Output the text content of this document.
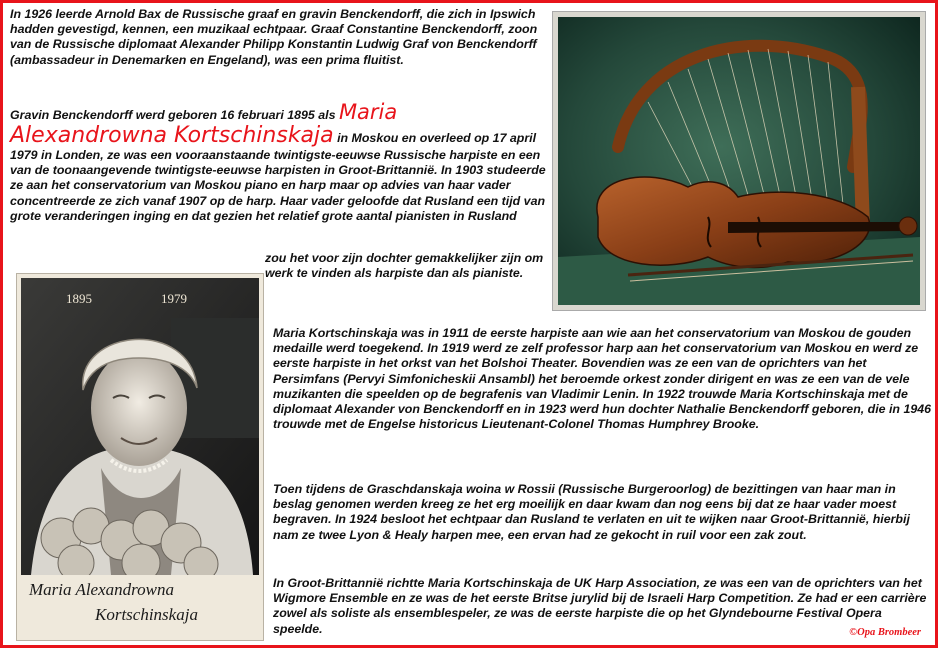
In 1926 leerde Arnold Bax de Russische graaf en gravin Benckendorff, die zich in Ipswich hadden gevestigd, kennen, een muzikaal echtpaar. Graaf Constantine Benckendorff, zoon van de Russische diplomaat Alexander Philipp Konstantin Ludwig Graf von Benckendorff (ambassadeur in Denemarken en Engeland), was een prima fluitist.

Gravin Benckendorff werd geboren 16 februari 1895 als Maria

Alexandrowna Kortschinskaja in Moskou en overleed op 17 april 1979 in Londen, ze was een vooraanstaande twintigste-eeuwse Russische harpiste en een van de toonaangevende twintigste-eeuwse harpisten in Groot-Brittannië. In 1903 studeerde ze aan het conservatorium van Moskou piano en harp maar op advies van haar vader concentreerde ze zich vanaf 1907 op de harp. Haar vader geloofde dat Rusland een tijd van grote veranderingen inging en dat gezien het relatief grote aantal pianisten in Rusland

zou het voor zijn dochter gemakkelijker zijn om werk te vinden als harpiste dan als pianiste.

Maria Kortschinskaja was in 1911 de eerste harpiste aan wie aan het conservatorium van Moskou de gouden medaille werd toegekend. In 1919 werd ze zelf professor harp aan het conservatorium van Moskou en werd ze eerste harpiste in het orkst van het Bolshoi Theater. Bovendien was ze een van de oprichters van het Persimfans (Pervyi Simfonicheskii Ansambl) het beroemde orkest zonder dirigent en was ze een van de vele muzikanten die speelden op de begrafenis van Vladimir Lenin. In 1922 trouwde Maria Kortschinskaja met de diplomaat Alexander von Benckendorff en in 1923 werd hun dochter Nathalie Benckendorff geboren, die in 1946 trouwde met de Engelse historicus Lieutenant-Colonel Thomas Humphrey Brooke.

Toen tijdens de Graschdanskaja woina w Rossii (Russische Burgeroorlog) de bezittingen van haar man in beslag genomen werden kreeg ze het erg moeilijk en daar kwam dan nog eens bij dat ze haar vader moest begraven. In 1924 besloot het echtpaar dan Rusland te verlaten en uit te wijken naar Groot-Brittannië, hierbij nam ze twee Lyon & Healy harpen mee, een ervan had ze gekocht in ruil voor een zak zout.

In Groot-Brittannië richtte Maria Kortschinskaja de UK Harp Association, ze was een van de oprichters van het Wigmore Ensemble en ze was de het eerste Britse jurylid bij de Israeli Harp Competition. Ze had er een carrière zowel als soliste als ensemblespeler, ze was de eerste harpiste die op het Glyndebourne Festival Opera speelde.	©Opa Brombeer
1895	1979
Maria Alexandrowna
Kortschinskaja
